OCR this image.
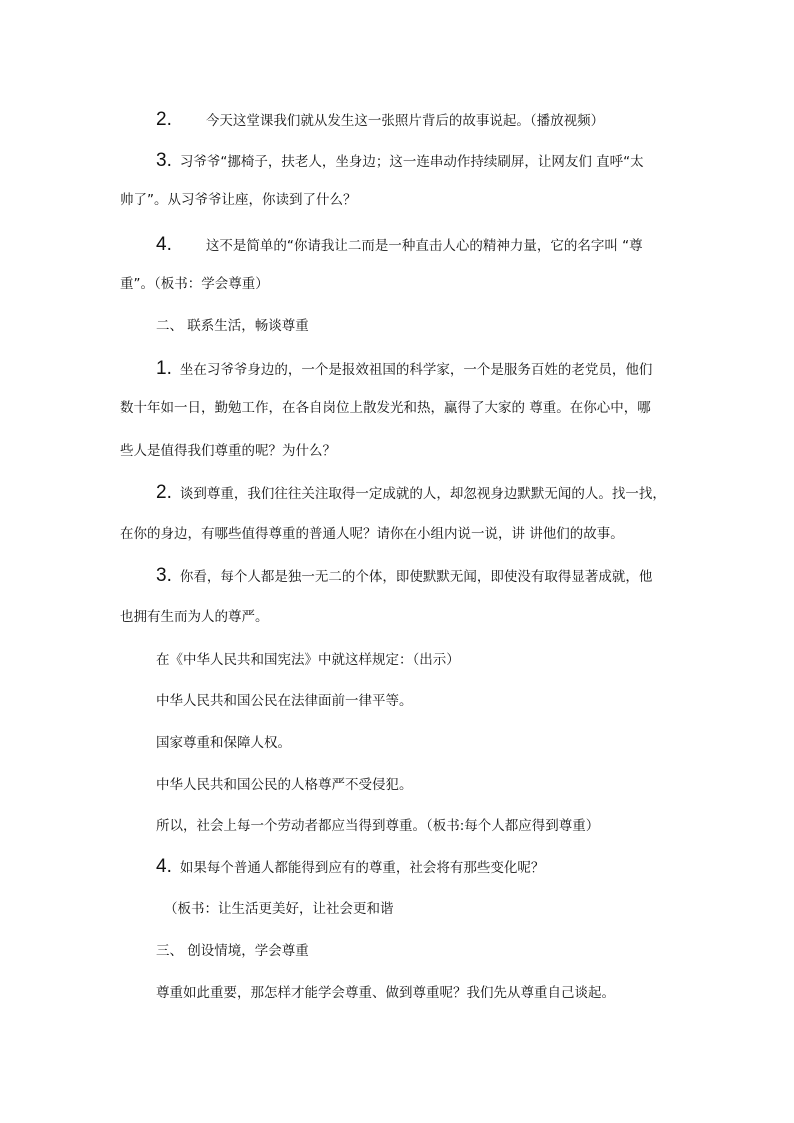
2.	今天这堂课我们就从发生这一张照片背后的故事说起。（播放视频）
3. 习爷爷“挪椅子，扶老人，坐身边；这一连串动作持续刷屏，让网友们 直呼“太
帅了”。从习爷爷让座，你读到了什么？
4.	这不是简单的“你请我让二而是一种直击人心的精神力量，它的名字叫 “尊
重”。（板书：学会尊重）
二、 联系生活，畅谈尊重
1. 坐在习爷爷身边的，一个是报效祖国的科学家，一个是服务百姓的老党员，他们
数十年如一日，勤勉工作，在各自岗位上散发光和热，赢得了大家的 尊重。在你心中，哪
些人是值得我们尊重的呢？为什么？
2. 谈到尊重，我们往往关注取得一定成就的人，却忽视身边默默无闻的人。找一找，
在你的身边，有哪些值得尊重的普通人呢？请你在小组内说一说，讲 讲他们的故事。
3. 你看，每个人都是独一无二的个体，即使默默无闻，即使没有取得显著成就，他
也拥有生而为人的尊严。
在《中华人民共和国宪法》中就这样规定：（出示）
中华人民共和国公民在法律面前一律平等。
国家尊重和保障人权。
中华人民共和国公民的人格尊严不受侵犯。
所以，社会上每一个劳动者都应当得到尊重。（板书:每个人都应得到尊重）
4. 如果每个普通人都能得到应有的尊重，社会将有那些变化呢？
（板书：让生活更美好，让社会更和谐
三、 创设情境，学会尊重
尊重如此重要，那怎样才能学会尊重、做到尊重呢？我们先从尊重自己谈起。
